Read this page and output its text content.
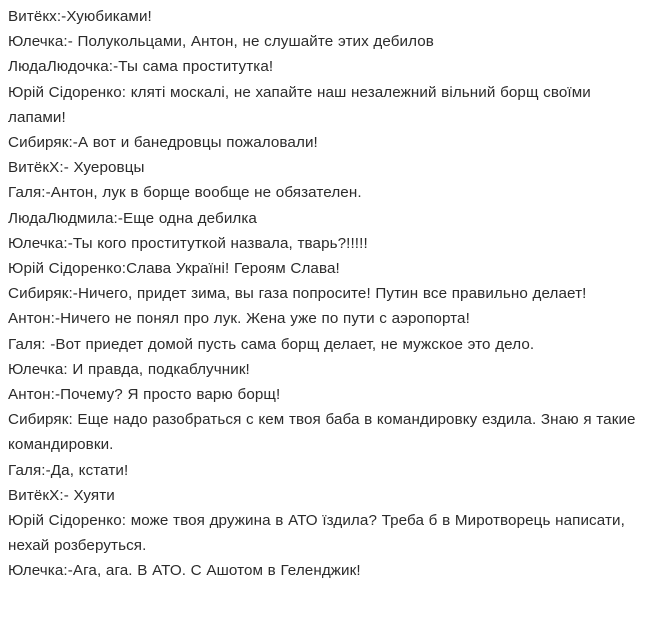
Витёкх:-Хуюбиками!
Юлечка:- Полукольцами, Антон, не слушайте этих дебилов
ЛюдаЛюдочка:-Ты сама проститутка!
Юрій Сідоренко: кляті москалі, не хапайте наш незалежний вільний борщ своїми лапами!
Сибиряк:-А вот и банедровцы пожаловали!
ВитёкХ:- Хуеровцы
Галя:-Антон, лук в борще вообще не обязателен.
ЛюдаЛюдмила:-Еще одна дебилка
Юлечка:-Ты кого проституткой назвала, тварь?!!!!!
Юрій Сідоренко:Слава Україні! Героям Слава!
Сибиряк:-Ничего, придет зима, вы газа попросите! Путин все правильно делает!
Антон:-Ничего не понял про лук. Жена уже по пути с аэропорта!
Галя: -Вот приедет домой пусть сама борщ делает, не мужское это дело.
Юлечка: И правда, подкаблучник!
Антон:-Почему? Я просто варю борщ!
Сибиряк: Еще надо разобраться с кем твоя баба в командировку ездила. Знаю я такие командировки.
Галя:-Да, кстати!
ВитёкХ:- Хуяти
Юрій Сідоренко: може твоя дружина в АТО їздила? Треба б в Миротворець написати, нехай розберуться.
Юлечка:-Ага, ага. В АТО. С Ашотом в Геленджик!
